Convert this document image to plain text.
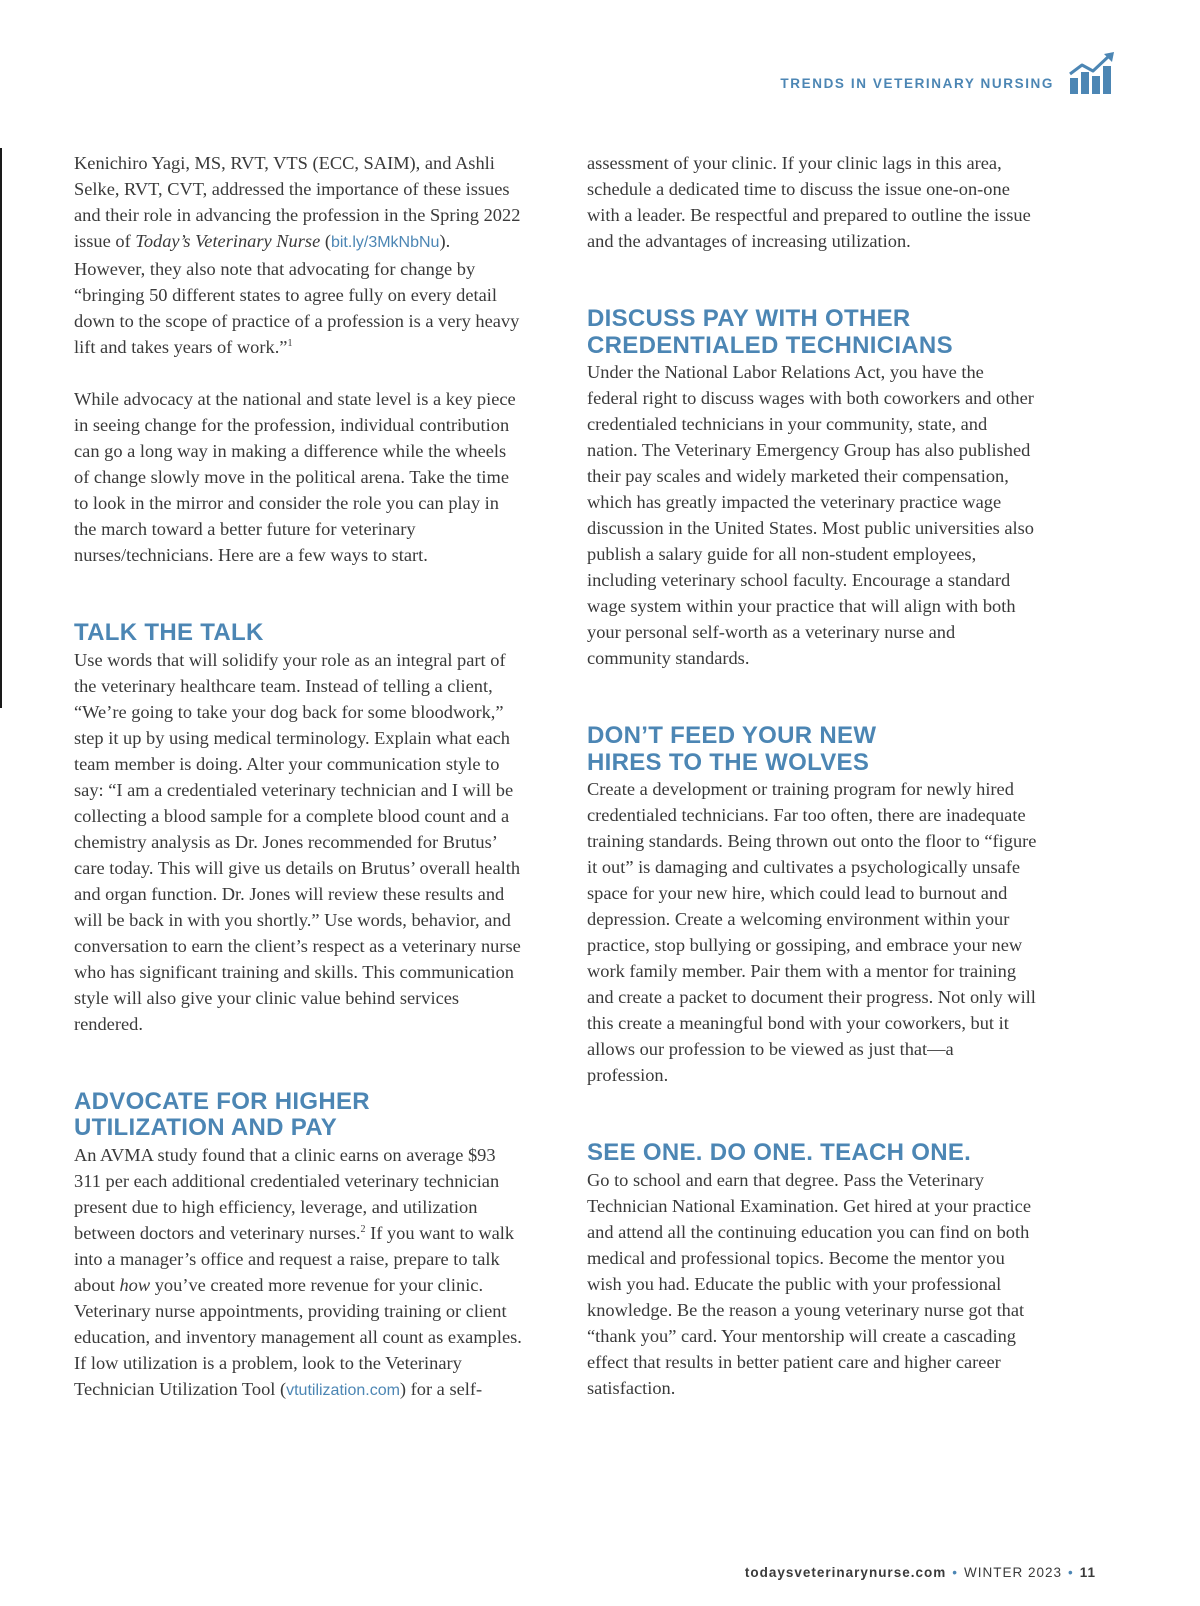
TRENDS IN VETERINARY NURSING

Kenichiro Yagi, MS, RVT, VTS (ECC, SAIM), and Ashli Selke, RVT, CVT, addressed the importance of these issues and their role in advancing the profession in the Spring 2022 issue of Today’s Veterinary Nurse (bit.ly/3MkNbNu). However, they also note that advocating for change by “bringing 50 different states to agree fully on every detail down to the scope of practice of a profession is a very heavy lift and takes years of work.”$^1$

While advocacy at the national and state level is a key piece in seeing change for the profession, individual contribution can go a long way in making a difference while the wheels of change slowly move in the political arena. Take the time to look in the mirror and consider the role you can play in the march toward a better future for veterinary nurses/technicians. Here are a few ways to start.

TALK THE TALK

Use words that will solidify your role as an integral part of the veterinary healthcare team. Instead of telling a client, “We’re going to take your dog back for some bloodwork,” step it up by using medical terminology. Explain what each team member is doing. Alter your communication style to say: “I am a credentialed veterinary technician and I will be collecting a blood sample for a complete blood count and a chemistry analysis as Dr. Jones recommended for Brutus’ care today. This will give us details on Brutus’ overall health and organ function. Dr. Jones will review these results and will be back in with you shortly.” Use words, behavior, and conversation to earn the client’s respect as a veterinary nurse who has significant training and skills. This communication style will also give your clinic value behind services rendered.

ADVOCATE FOR HIGHER
UTILIZATION AND PAY

An AVMA study found that a clinic earns on average $93 311 per each additional credentialed veterinary technician present due to high efficiency, leverage, and utilization between doctors and veterinary nurses.$^2$ If you want to walk into a manager’s office and request a raise, prepare to talk about how you’ve created more revenue for your clinic. Veterinary nurse appointments, providing training or client education, and inventory management all count as examples. If low utilization is a problem, look to the Veterinary Technician Utilization Tool (vtutilization.com) for a self-

assessment of your clinic. If your clinic lags in this area, schedule a dedicated time to discuss the issue one-on-one with a leader. Be respectful and prepared to outline the issue and the advantages of increasing utilization.

DISCUSS PAY WITH OTHER
CREDENTIALED TECHNICIANS

Under the National Labor Relations Act, you have the federal right to discuss wages with both coworkers and other credentialed technicians in your community, state, and nation. The Veterinary Emergency Group has also published their pay scales and widely marketed their compensation, which has greatly impacted the veterinary practice wage discussion in the United States. Most public universities also publish a salary guide for all non-student employees, including veterinary school faculty. Encourage a standard wage system within your practice that will align with both your personal self-worth as a veterinary nurse and community standards.

DON’T FEED YOUR NEW
HIRES TO THE WOLVES

Create a development or training program for newly hired credentialed technicians. Far too often, there are inadequate training standards. Being thrown out onto the floor to “figure it out” is damaging and cultivates a psychologically unsafe space for your new hire, which could lead to burnout and depression. Create a welcoming environment within your practice, stop bullying or gossiping, and embrace your new work family member. Pair them with a mentor for training and create a packet to document their progress. Not only will this create a meaningful bond with your coworkers, but it allows our profession to be viewed as just that—a profession.

SEE ONE. DO ONE. TEACH ONE.

Go to school and earn that degree. Pass the Veterinary Technician National Examination. Get hired at your practice and attend all the continuing education you can find on both medical and professional topics. Become the mentor you wish you had. Educate the public with your professional knowledge. Be the reason a young veterinary nurse got that “thank you” card. Your mentorship will create a cascading effect that results in better patient care and higher career satisfaction.

todaysveterinarynurse.com • WINTER 2023 • 11
